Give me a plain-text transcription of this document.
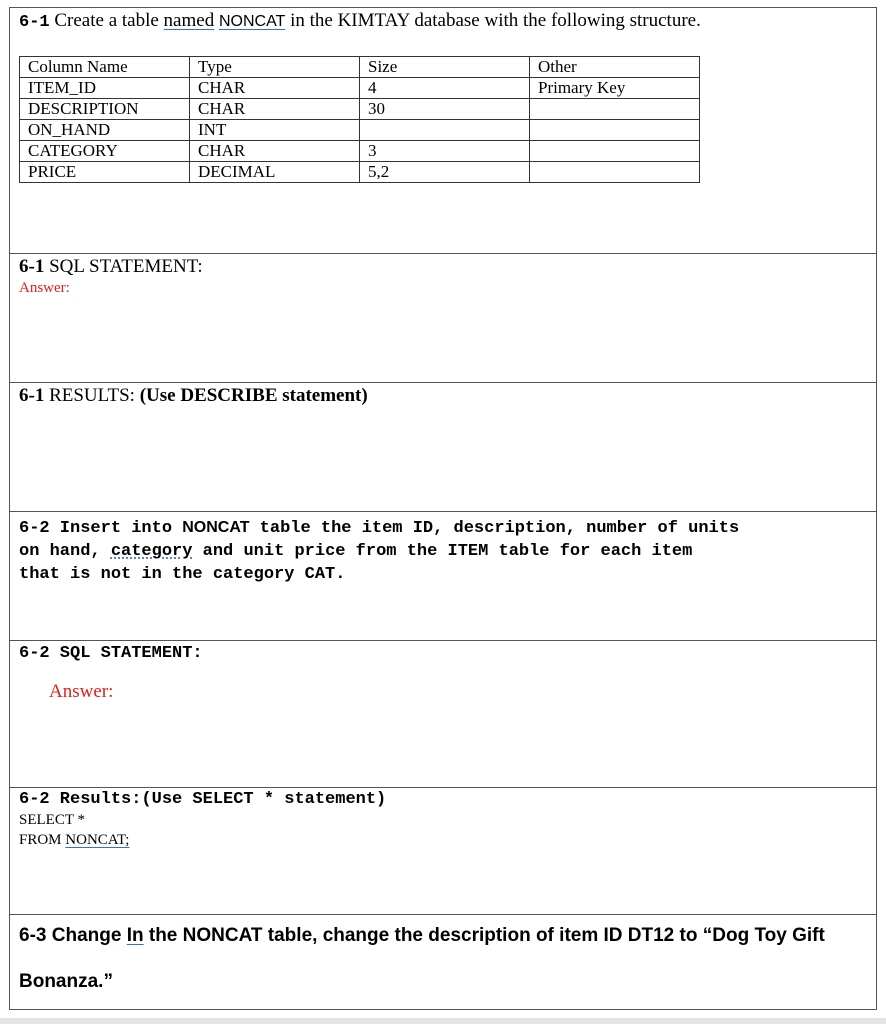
6-1 Create a table named NONCAT in the KIMTAY database with the following structure.
Column Name	Type	Size	Other
ITEM_ID	CHAR	4	Primary Key
DESCRIPTION	CHAR	30	
ON_HAND	INT		
CATEGORY	CHAR	3	
PRICE	DECIMAL	5,2	
6-1 SQL STATEMENT:
Answer:
6-1 RESULTS: (Use DESCRIBE statement)
6-2 Insert into NONCAT table the item ID, description, number of units
on hand, category and unit price from the ITEM table for each item
that is not in the category CAT.
6-2 SQL STATEMENT:
Answer:
6-2 Results:(Use SELECT * statement)
SELECT *
FROM NONCAT;
6-3 Change In the NONCAT table, change the description of item ID DT12 to “Dog Toy Gift
Bonanza.”
